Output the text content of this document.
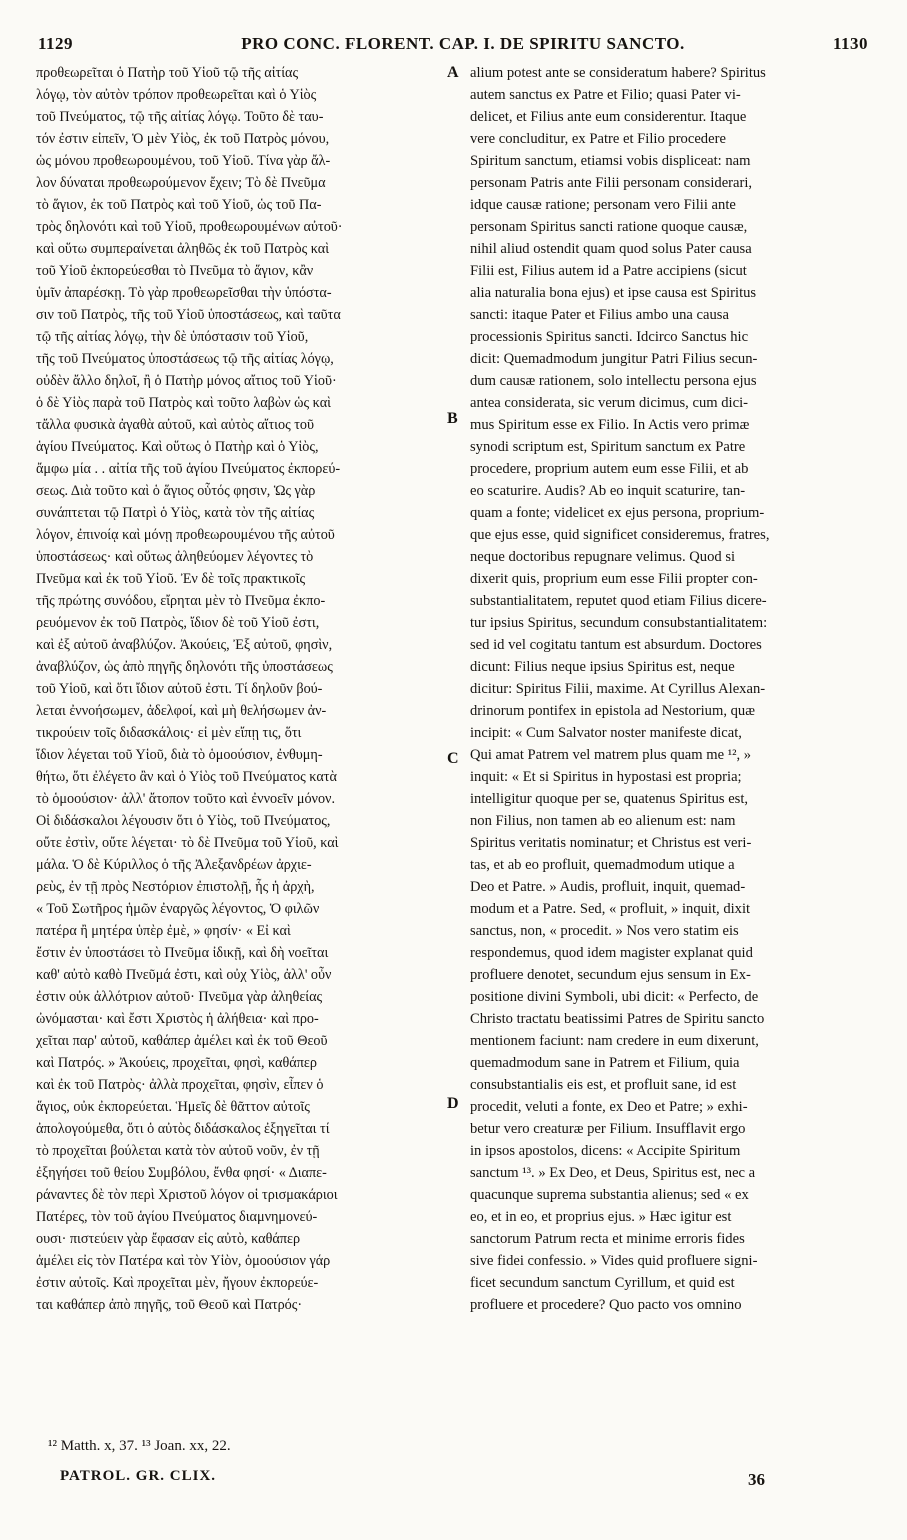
1129	PRO CONC. FLORENT. CAP. I. DE SPIRITU SANCTO.	1130

προθεωρεῖται ὁ Πατὴρ τοῦ Υἱοῦ τῷ τῆς αἰτίας

λόγῳ, τὸν αὐτὸν τρόπον προθεωρεῖται καὶ ὁ Υἱὸς

τοῦ Πνεύματος, τῷ τῆς αἰτίας λόγῳ. Τοῦτο δὲ ταυ-

τόν ἐστιν εἰπεῖν, Ὁ μὲν Υἱὸς, ἐκ τοῦ Πατρὸς μόνου,

ὡς μόνου προθεωρουμένου, τοῦ Υἱοῦ. Τίνα γὰρ ἄλ-

λον δύναται προθεωρούμενον ἔχειν; Τὸ δὲ Πνεῦμα

τὸ ἅγιον, ἐκ τοῦ Πατρὸς καὶ τοῦ Υἱοῦ, ὡς τοῦ Πα-

τρὸς δηλονότι καὶ τοῦ Υἱοῦ, προθεωρουμένων αὐτοῦ·

καὶ οὕτω συμπεραίνεται ἀληθῶς ἐκ τοῦ Πατρὸς καὶ

τοῦ Υἱοῦ ἐκπορεύεσθαι τὸ Πνεῦμα τὸ ἅγιον, κἂν

ὑμῖν ἀπαρέσκῃ. Τὸ γὰρ προθεωρεῖσθαι τὴν ὑπόστα-

σιν τοῦ Πατρὸς, τῆς τοῦ Υἱοῦ ὑποστάσεως, καὶ ταῦτα

τῷ τῆς αἰτίας λόγῳ, τὴν δὲ ὑπόστασιν τοῦ Υἱοῦ,

τῆς τοῦ Πνεύματος ὑποστάσεως τῷ τῆς αἰτίας λόγῳ,

οὐδὲν ἄλλο δηλοῖ, ἢ ὁ Πατὴρ μόνος αἴτιος τοῦ Υἱοῦ·

ὁ δὲ Υἱὸς παρὰ τοῦ Πατρὸς καὶ τοῦτο λαβὼν ὡς καὶ

τἄλλα φυσικὰ ἀγαθὰ αὐτοῦ, καὶ αὐτὸς αἴτιος τοῦ

ἁγίου Πνεύματος. Καὶ οὕτως ὁ Πατὴρ καὶ ὁ Υἱὸς,

ἄμφω μία . . αἰτία τῆς τοῦ ἁγίου Πνεύματος ἐκπορεύ-

σεως. Διὰ τοῦτο καὶ ὁ ἅγιος οὗτός φησιν, Ὡς γὰρ

συνάπτεται τῷ Πατρὶ ὁ Υἱὸς, κατὰ τὸν τῆς αἰτίας

λόγον, ἐπινοίᾳ καὶ μόνῃ προθεωρουμένου τῆς αὐτοῦ

ὑποστάσεως· καὶ οὕτως ἀληθεύομεν λέγοντες τὸ

Πνεῦμα καὶ ἐκ τοῦ Υἱοῦ. Ἐν δὲ τοῖς πρακτικοῖς

τῆς πρώτης συνόδου, εἴρηται μὲν τὸ Πνεῦμα ἐκπο-

ρευόμενον ἐκ τοῦ Πατρὸς, ἴδιον δὲ τοῦ Υἱοῦ ἐστι,

καὶ ἐξ αὐτοῦ ἀναβλύζον. Ἀκούεις, Ἐξ αὐτοῦ, φησὶν,

ἀναβλύζον, ὡς ἀπὸ πηγῆς δηλονότι τῆς ὑποστάσεως

τοῦ Υἱοῦ, καὶ ὅτι ἴδιον αὐτοῦ ἐστι. Τί δηλοῦν βού-

λεται ἐννοήσωμεν, ἀδελφοί, καὶ μὴ θελήσωμεν ἀν-

τικρούειν τοῖς διδασκάλοις· εἰ μὲν εἴπῃ τις, ὅτι

ἴδιον λέγεται τοῦ Υἱοῦ, διὰ τὸ ὁμοούσιον, ἐνθυμη-

θήτω, ὅτι ἐλέγετο ἂν καὶ ὁ Υἱὸς τοῦ Πνεύματος κατὰ

τὸ ὁμοούσιον· ἀλλ' ἄτοπον τοῦτο καὶ ἐννοεῖν μόνον.

Οἱ διδάσκαλοι λέγουσιν ὅτι ὁ Υἱὸς, τοῦ Πνεύματος,

οὔτε ἐστὶν, οὔτε λέγεται· τὸ δὲ Πνεῦμα τοῦ Υἱοῦ, καὶ

μάλα. Ὁ δὲ Κύριλλος ὁ τῆς Ἀλεξανδρέων ἀρχιε-

ρεὺς, ἐν τῇ πρὸς Νεστόριον ἐπιστολῇ, ἧς ἡ ἀρχὴ,

« Τοῦ Σωτῆρος ἡμῶν ἐναργῶς λέγοντος, Ὁ φιλῶν

πατέρα ἢ μητέρα ὑπὲρ ἐμὲ, » φησίν· « Εἰ καὶ

ἔστιν ἐν ὑποστάσει τὸ Πνεῦμα ἰδικῇ, καὶ δὴ νοεῖται

καθ' αὐτὸ καθὸ Πνεῦμά ἐστι, καὶ οὐχ Υἱὸς, ἀλλ' οὖν

ἐστιν οὐκ ἀλλότριον αὐτοῦ· Πνεῦμα γὰρ ἀληθείας

ὠνόμασται· καὶ ἔστι Χριστὸς ἡ ἀλήθεια· καὶ προ-

χεῖται παρ' αὐτοῦ, καθάπερ ἀμέλει καὶ ἐκ τοῦ Θεοῦ

καὶ Πατρός. » Ἀκούεις, προχεῖται, φησὶ, καθάπερ

καὶ ἐκ τοῦ Πατρὸς· ἀλλὰ προχεῖται, φησὶν, εἶπεν ὁ

ἅγιος, οὐκ ἐκπορεύεται. Ἡμεῖς δὲ θᾶττον αὐτοῖς

ἀπολογούμεθα, ὅτι ὁ αὐτὸς διδάσκαλος ἐξηγεῖται τί

τὸ προχεῖται βούλεται κατὰ τὸν αὐτοῦ νοῦν, ἐν τῇ

ἐξηγήσει τοῦ θείου Συμβόλου, ἔνθα φησί· « Διαπε-

ράναντες δὲ τὸν περὶ Χριστοῦ λόγον οἱ τρισμακάριοι

Πατέρες, τὸν τοῦ ἁγίου Πνεύματος διαμνημονεύ-

ουσι· πιστεύειν γὰρ ἔφασαν εἰς αὐτὸ, καθάπερ

ἀμέλει εἰς τὸν Πατέρα καὶ τὸν Υἱὸν, ὁμοούσιον γάρ

ἐστιν αὐτοῖς. Καὶ προχεῖται μὲν, ἤγουν ἐκπορεύε-

ται καθάπερ ἀπὸ πηγῆς, τοῦ Θεοῦ καὶ Πατρός·

alium potest ante se consideratum habere? Spiritus

autem sanctus ex Patre et Filio; quasi Pater vi-

delicet, et Filius ante eum considerentur. Itaque

vere concluditur, ex Patre et Filio procedere

Spiritum sanctum, etiamsi vobis displiceat: nam

personam Patris ante Filii personam considerari,

idque causæ ratione; personam vero Filii ante

personam Spiritus sancti ratione quoque causæ,

nihil aliud ostendit quam quod solus Pater causa

Filii est, Filius autem id a Patre accipiens (sicut

alia naturalia bona ejus) et ipse causa est Spiritus

sancti: itaque Pater et Filius ambo una causa

processionis Spiritus sancti. Idcirco Sanctus hic

dicit: Quemadmodum jungitur Patri Filius secun-

dum causæ rationem, solo intellectu persona ejus

antea considerata, sic verum dicimus, cum dici-

mus Spiritum esse ex Filio. In Actis vero primæ

synodi scriptum est, Spiritum sanctum ex Patre

procedere, proprium autem eum esse Filii, et ab

eo scaturire. Audis? Ab eo inquit scaturire, tan-

quam a fonte; videlicet ex ejus persona, proprium-

que ejus esse, quid significet consideremus, fratres,

neque doctoribus repugnare velimus. Quod si

dixerit quis, proprium eum esse Filii propter con-

substantialitatem, reputet quod etiam Filius dicere-

tur ipsius Spiritus, secundum consubstantialitatem:

sed id vel cogitatu tantum est absurdum. Doctores

dicunt: Filius neque ipsius Spiritus est, neque

dicitur: Spiritus Filii, maxime. At Cyrillus Alexan-

drinorum pontifex in epistola ad Nestorium, quæ

incipit: « Cum Salvator noster manifeste dicat,

Qui amat Patrem vel matrem plus quam me ¹², »

inquit: « Et si Spiritus in hypostasi est propria;

intelligitur quoque per se, quatenus Spiritus est,

non Filius, non tamen ab eo alienum est: nam

Spiritus veritatis nominatur; et Christus est veri-

tas, et ab eo profluit, quemadmodum utique a

Deo et Patre. » Audis, profluit, inquit, quemad-

modum et a Patre. Sed, « profluit, » inquit, dixit

sanctus, non, « procedit. » Nos vero statim eis

respondemus, quod idem magister explanat quid

profluere denotet, secundum ejus sensum in Ex-

positione divini Symboli, ubi dicit: « Perfecto, de

Christo tractatu beatissimi Patres de Spiritu sancto

mentionem faciunt: nam credere in eum dixerunt,

quemadmodum sane in Patrem et Filium, quia

consubstantialis eis est, et profluit sane, id est

procedit, veluti a fonte, ex Deo et Patre; » exhi-

betur vero creaturæ per Filium. Insufflavit ergo

in ipsos apostolos, dicens: « Accipite Spiritum

sanctum ¹³. » Ex Deo, et Deus, Spiritus est, nec a

quacunque suprema substantia alienus; sed « ex

eo, et in eo, et proprius ejus. » Hæc igitur est

sanctorum Patrum recta et minime erroris fides

sive fidei confessio. » Vides quid profluere signi-

ficet secundum sanctum Cyrillum, et quid est

profluere et procedere? Quo pacto vos omnino

A
B
C
D
¹² Matth. x, 37. ¹³ Joan. xx, 22.
PATROL. GR. CLIX.	36
